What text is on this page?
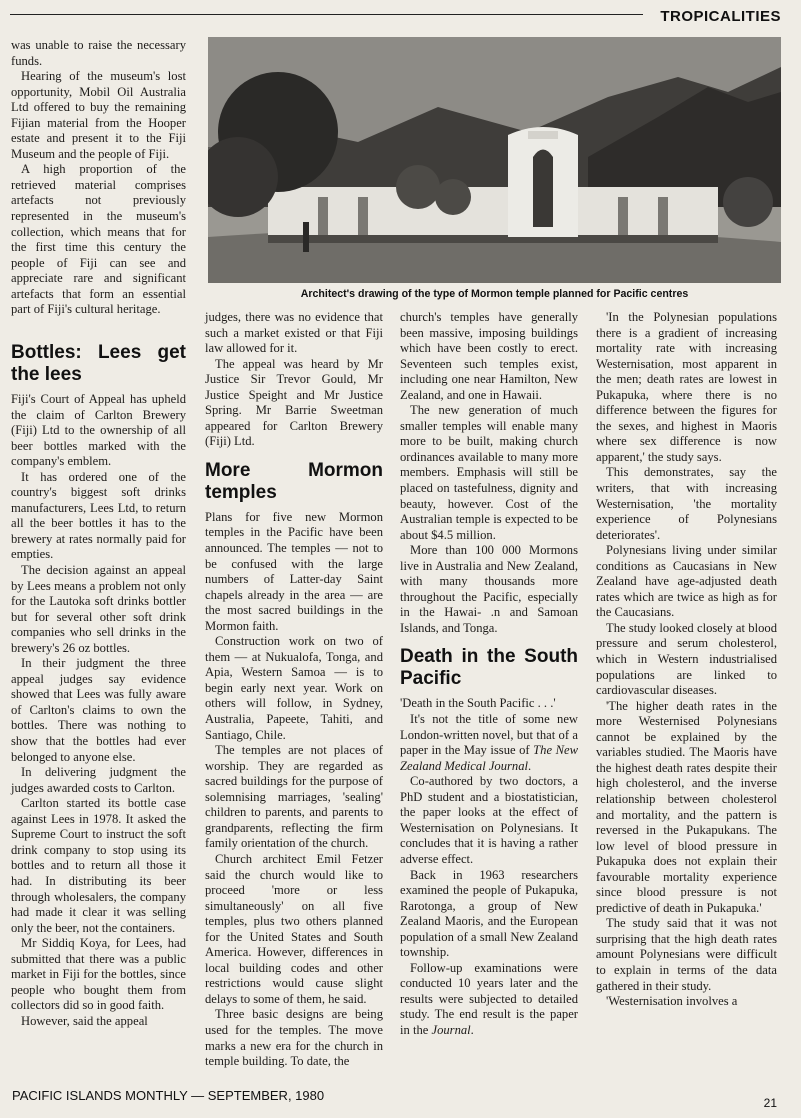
TROPICALITIES

was unable to raise the necessary funds.

Hearing of the museum's lost opportunity, Mobil Oil Australia Ltd offered to buy the remaining Fijian material from the Hooper estate and present it to the Fiji Museum and the people of Fiji.

A high proportion of the retrieved material comprises artefacts not previously represented in the museum's collection, which means that for the first time this century the people of Fiji can see and appreciate rare and significant artefacts that form an essential part of Fiji's cultural heritage.

Bottles: Lees get the lees

Fiji's Court of Appeal has upheld the claim of Carlton Brewery (Fiji) Ltd to the ownership of all beer bottles marked with the company's emblem.

It has ordered one of the country's biggest soft drinks manufacturers, Lees Ltd, to return all the beer bottles it has to the brewery at rates normally paid for empties.

The decision against an appeal by Lees means a problem not only for the Lautoka soft drinks bottler but for several other soft drink companies who sell drinks in the brewery's 26 oz bottles.

In their judgment the three appeal judges say evidence showed that Lees was fully aware of Carlton's claims to own the bottles. There was nothing to show that the bottles had ever belonged to anyone else.

In delivering judgment the judges awarded costs to Carlton.

Carlton started its bottle case against Lees in 1978. It asked the Supreme Court to instruct the soft drink company to stop using its bottles and to return all those it had. In distributing its beer through wholesalers, the company had made it clear it was selling only the beer, not the containers.

Mr Siddiq Koya, for Lees, had submitted that there was a public market in Fiji for the bottles, since people who bought them from collectors did so in good faith.

However, said the appeal

Architect's drawing of the type of Mormon temple planned for Pacific centres

judges, there was no evidence that such a market existed or that Fiji law allowed for it.

The appeal was heard by Mr Justice Sir Trevor Gould, Mr Justice Speight and Mr Justice Spring. Mr Barrie Sweetman appeared for Carlton Brewery (Fiji) Ltd.

More Mormon temples

Plans for five new Mormon temples in the Pacific have been announced. The temples — not to be confused with the large numbers of Latter-day Saint chapels already in the area — are the most sacred buildings in the Mormon faith.

Construction work on two of them — at Nukualofa, Tonga, and Apia, Western Samoa — is to begin early next year. Work on others will follow, in Sydney, Australia, Papeete, Tahiti, and Santiago, Chile.

The temples are not places of worship. They are regarded as sacred buildings for the purpose of solemnising marriages, 'sealing' children to parents, and parents to grandparents, reflecting the firm family orientation of the church.

Church architect Emil Fetzer said the church would like to proceed 'more or less simultaneously' on all five temples, plus two others planned for the United States and South America. However, differences in local building codes and other restrictions would cause slight delays to some of them, he said.

Three basic designs are being used for the temples. The move marks a new era for the church in temple building. To date, the

church's temples have generally been massive, imposing buildings which have been costly to erect. Seventeen such temples exist, including one near Hamilton, New Zealand, and one in Hawaii.

The new generation of much smaller temples will enable many more to be built, making church ordinances available to many more members. Emphasis will still be placed on tastefulness, dignity and beauty, however. Cost of the Australian temple is expected to be about $4.5 million.

More than 100 000 Mormons live in Australia and New Zealand, with many thousands more throughout the Pacific, especially in the Hawai- .n and Samoan Islands, and Tonga.

Death in the South Pacific

'Death in the South Pacific . . .'

It's not the title of some new London-written novel, but that of a paper in the May issue of The New Zealand Medical Journal.

Co-authored by two doctors, a PhD student and a biostatistician, the paper looks at the effect of Westernisation on Polynesians. It concludes that it is having a rather adverse effect.

Back in 1963 researchers examined the people of Pukapuka, Rarotonga, a group of New Zealand Maoris, and the European population of a small New Zealand township.

Follow-up examinations were conducted 10 years later and the results were subjected to detailed study. The end result is the paper in the Journal.

'In the Polynesian populations there is a gradient of increasing mortality rate with increasing Westernisation, most apparent in the men; death rates are lowest in Pukapuka, where there is no difference between the figures for the sexes, and highest in Maoris where sex difference is now apparent,' the study says.

This demonstrates, say the writers, that with increasing Westernisation, 'the mortality experience of Polynesians deteriorates'.

Polynesians living under similar conditions as Caucasians in New Zealand have age-adjusted death rates which are twice as high as for the Caucasians.

The study looked closely at blood pressure and serum cholesterol, which in Western industrialised populations are linked to cardiovascular diseases.

'The higher death rates in the more Westernised Polynesians cannot be explained by the variables studied. The Maoris have the highest death rates despite their high cholesterol, and the inverse relationship between cholesterol and mortality, and the pattern is reversed in the Pukapukans. The low level of blood pressure in Pukapuka does not explain their favourable mortality experience since blood pressure is not predictive of death in Pukapuka.'

The study said that it was not surprising that the high death rates amount Polynesians were difficult to explain in terms of the data gathered in their study.

'Westernisation involves a

PACIFIC ISLANDS MONTHLY — SEPTEMBER, 1980	21
